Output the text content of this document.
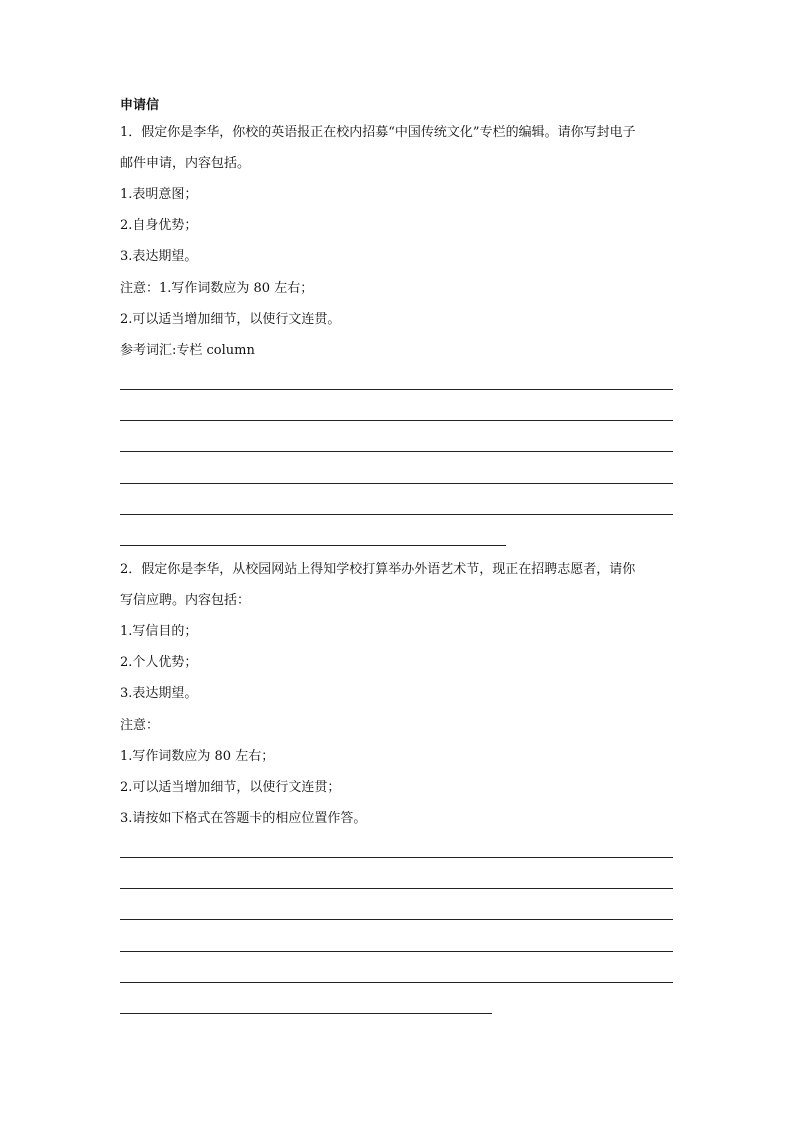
申请信
1．假定你是李华，你校的英语报正在校内招募“中国传统文化”专栏的编辑。请你写封电子
邮件申请，内容包括。
1.表明意图；
2.自身优势；
3.表达期望。
注意：1.写作词数应为 80 左右；
2.可以适当增加细节，以使行文连贯。
参考词汇:专栏 column
2．假定你是李华，从校园网站上得知学校打算举办外语艺术节，现正在招聘志愿者，请你
写信应聘。内容包括：
1.写信目的；
2.个人优势；
3.表达期望。
注意：
1.写作词数应为 80 左右；
2.可以适当增加细节，以使行文连贯；
3.请按如下格式在答题卡的相应位置作答。
